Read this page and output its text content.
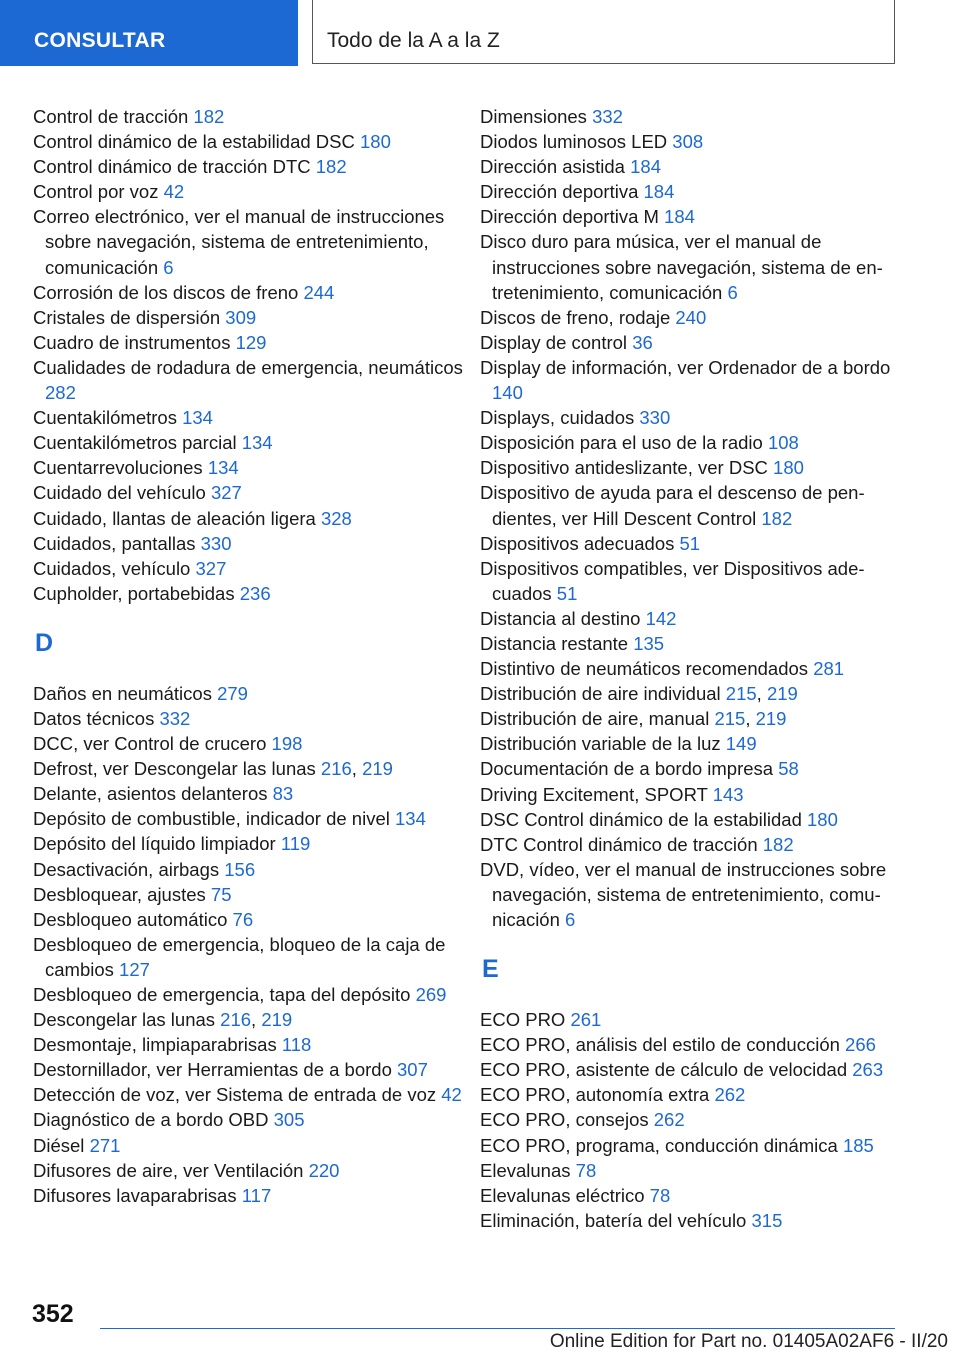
CONSULTAR	Todo de la A a la Z
Control de tracción 182
Control dinámico de la estabilidad DSC 180
Control dinámico de tracción DTC 182
Control por voz 42
Correo electrónico, ver el manual de instrucciones sobre navegación, sistema de entretenimiento, comunicación 6
Corrosión de los discos de freno 244
Cristales de dispersión 309
Cuadro de instrumentos 129
Cualidades de rodadura de emergencia, neumáticos 282
Cuentakilómetros 134
Cuentakilómetros parcial 134
Cuentarrevoluciones 134
Cuidado del vehículo 327
Cuidado, llantas de aleación ligera 328
Cuidados, pantallas 330
Cuidados, vehículo 327
Cupholder, portabebidas 236
D
Daños en neumáticos 279
Datos técnicos 332
DCC, ver Control de crucero 198
Defrost, ver Descongelar las lunas 216, 219
Delante, asientos delanteros 83
Depósito de combustible, indicador de nivel 134
Depósito del líquido limpiador 119
Desactivación, airbags 156
Desbloquear, ajustes 75
Desbloqueo automático 76
Desbloqueo de emergencia, bloqueo de la caja de cambios 127
Desbloqueo de emergencia, tapa del depósito 269
Descongelar las lunas 216, 219
Desmontaje, limpiaparabrisas 118
Destornillador, ver Herramientas de a bordo 307
Detección de voz, ver Sistema de entrada de voz 42
Diagnóstico de a bordo OBD 305
Diésel 271
Difusores de aire, ver Ventilación 220
Difusores lavaparabrisas 117
Dimensiones 332
Diodos luminosos LED 308
Dirección asistida 184
Dirección deportiva 184
Dirección deportiva M 184
Disco duro para música, ver el manual de instrucciones sobre navegación, sistema de entretenimiento, comunicación 6
Discos de freno, rodaje 240
Display de control 36
Display de información, ver Ordenador de a bordo 140
Displays, cuidados 330
Disposición para el uso de la radio 108
Dispositivo antideslizante, ver DSC 180
Dispositivo de ayuda para el descenso de pendientes, ver Hill Descent Control 182
Dispositivos adecuados 51
Dispositivos compatibles, ver Dispositivos adecuados 51
Distancia al destino 142
Distancia restante 135
Distintivo de neumáticos recomendados 281
Distribución de aire individual 215, 219
Distribución de aire, manual 215, 219
Distribución variable de la luz 149
Documentación de a bordo impresa 58
Driving Excitement, SPORT 143
DSC Control dinámico de la estabilidad 180
DTC Control dinámico de tracción 182
DVD, vídeo, ver el manual de instrucciones sobre navegación, sistema de entretenimiento, comunicación 6
E
ECO PRO 261
ECO PRO, análisis del estilo de conducción 266
ECO PRO, asistente de cálculo de velocidad 263
ECO PRO, autonomía extra 262
ECO PRO, consejos 262
ECO PRO, programa, conducción dinámica 185
Elevalunas 78
Elevalunas eléctrico 78
Eliminación, batería del vehículo 315
352
Online Edition for Part no. 01405A02AF6 - II/20
